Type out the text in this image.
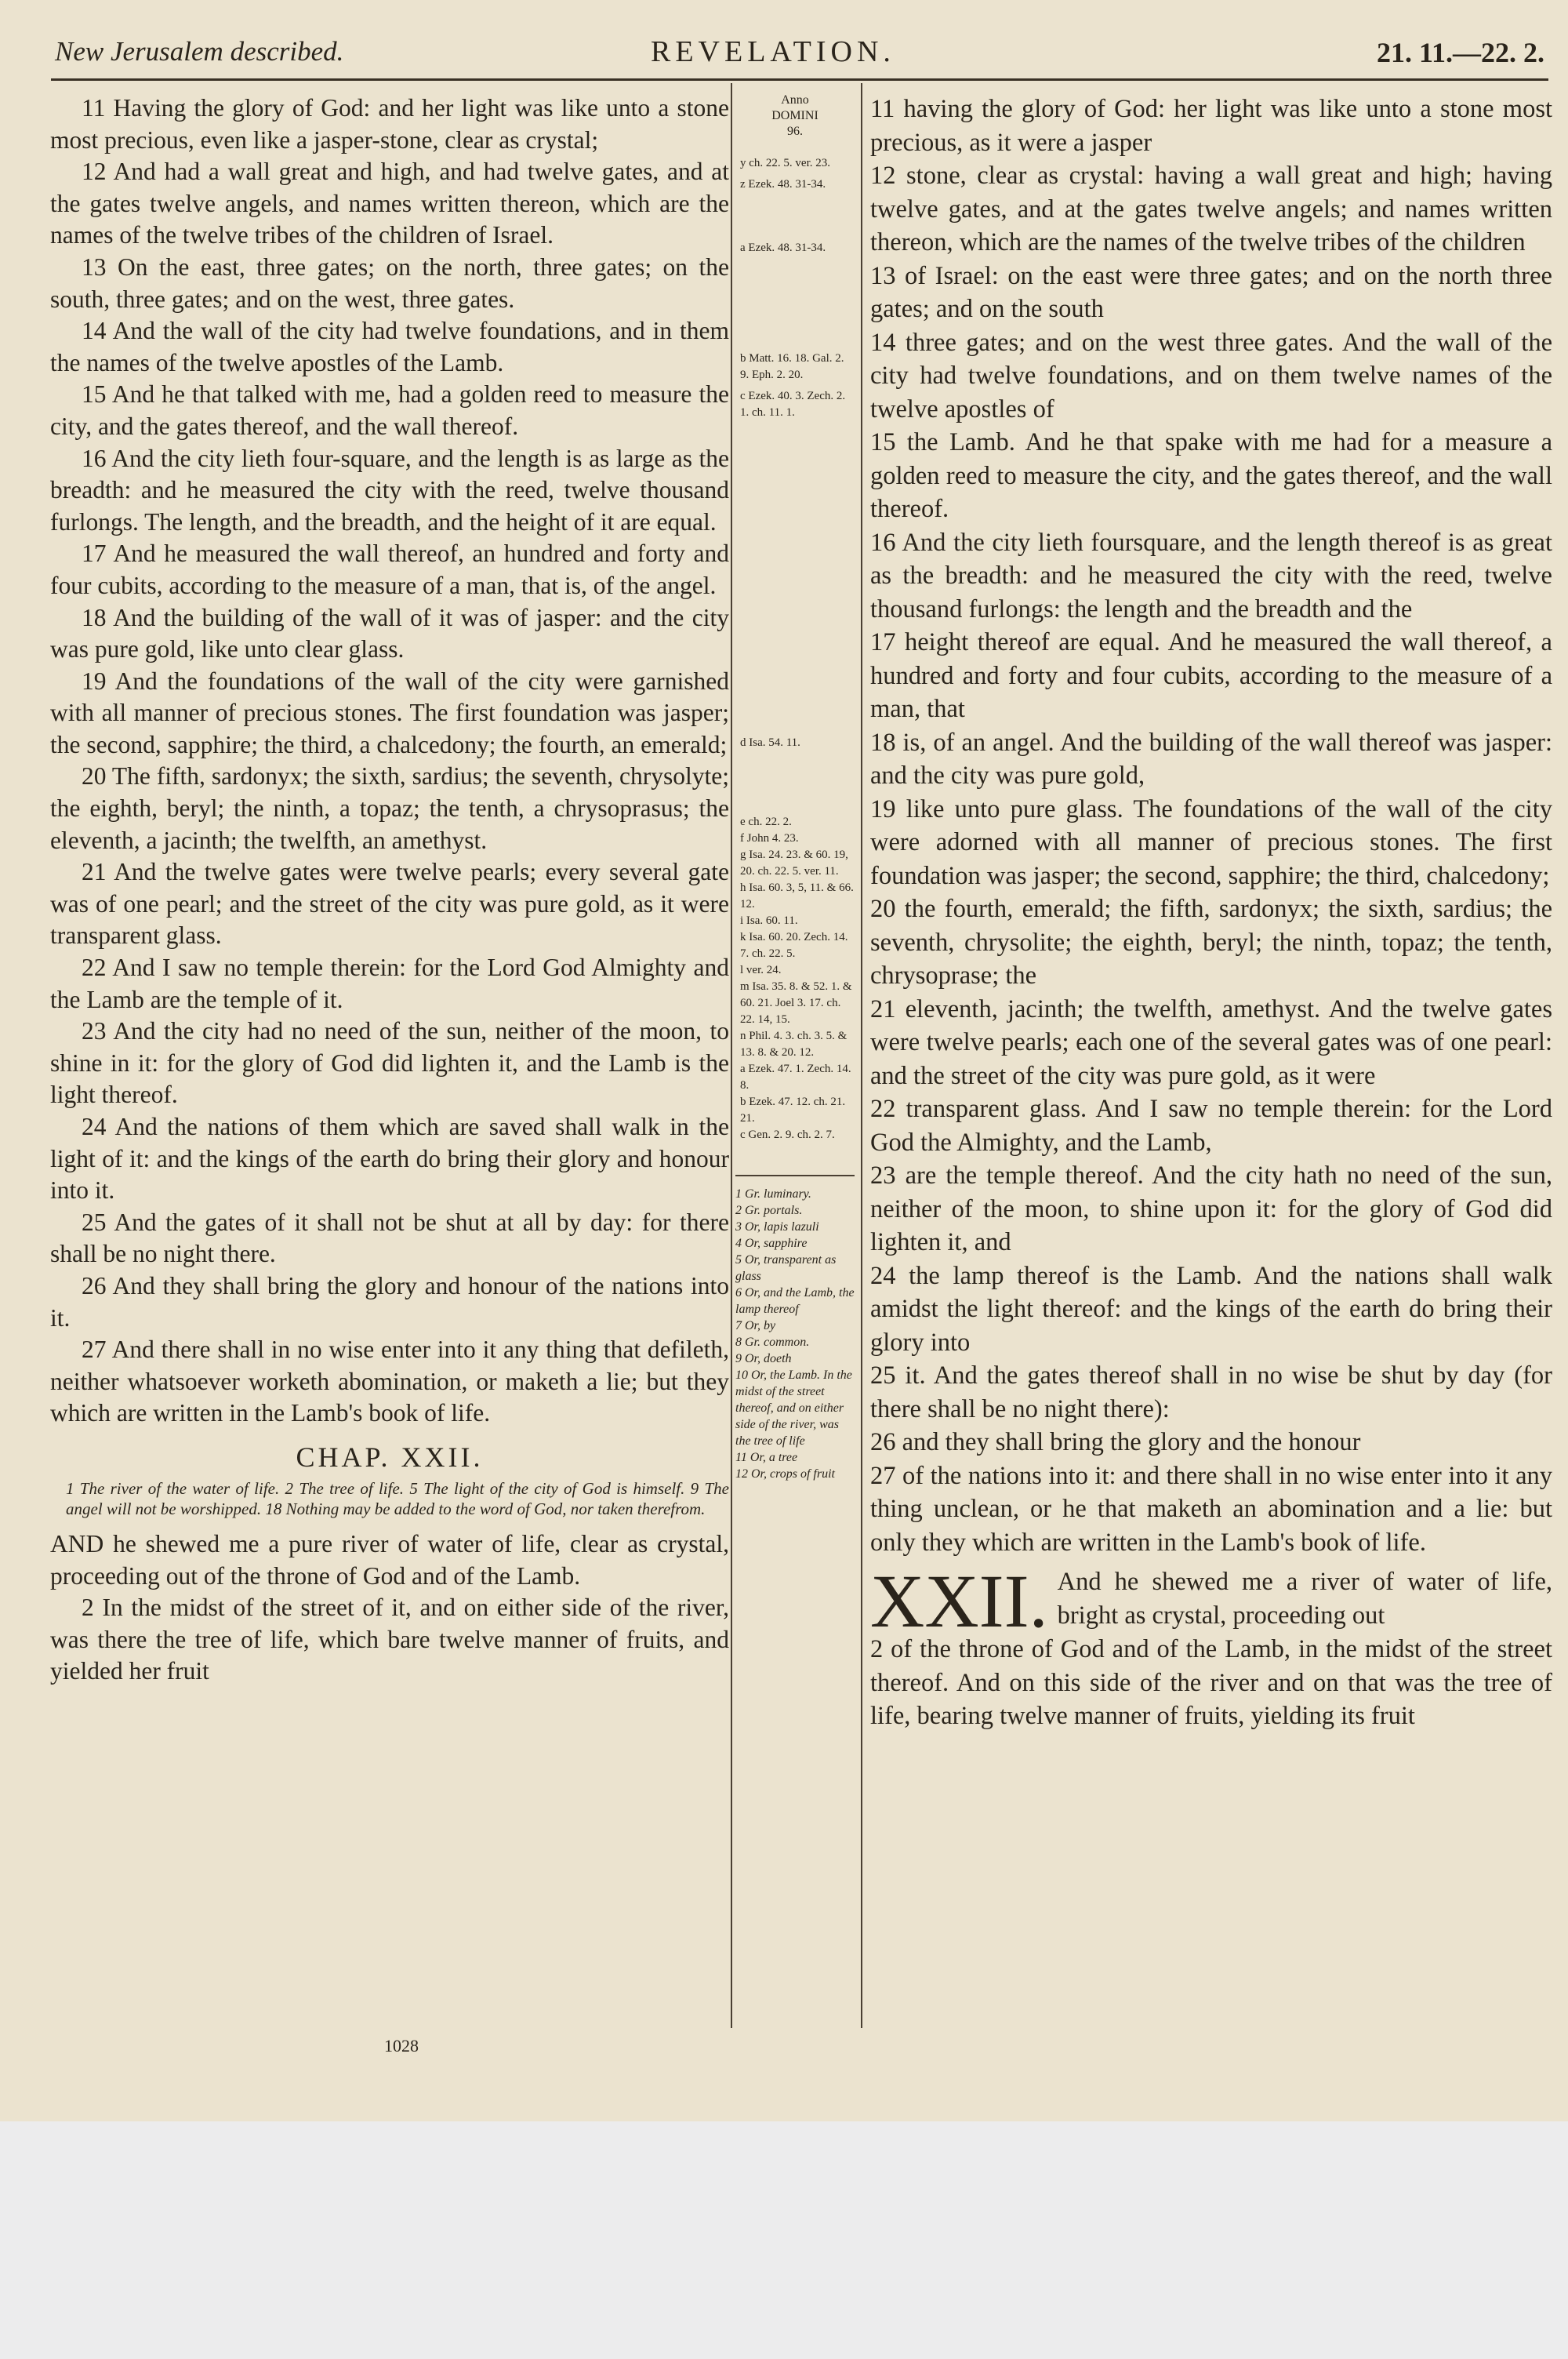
New Jerusalem described.	REVELATION.	21. 11.—22. 2.

11 Having the glory of God: and her light was like unto a stone most precious, even like a jasper-stone, clear as crystal;

12 And had a wall great and high, and had twelve gates, and at the gates twelve angels, and names written thereon, which are the names of the twelve tribes of the children of Israel.

13 On the east, three gates; on the north, three gates; on the south, three gates; and on the west, three gates.

14 And the wall of the city had twelve foundations, and in them the names of the twelve apostles of the Lamb.

15 And he that talked with me, had a golden reed to measure the city, and the gates thereof, and the wall thereof.

16 And the city lieth four-square, and the length is as large as the breadth: and he measured the city with the reed, twelve thousand furlongs. The length, and the breadth, and the height of it are equal.

17 And he measured the wall thereof, an hundred and forty and four cubits, according to the measure of a man, that is, of the angel.

18 And the building of the wall of it was of jasper: and the city was pure gold, like unto clear glass.

19 And the foundations of the wall of the city were garnished with all manner of precious stones. The first foundation was jasper; the second, sapphire; the third, a chalcedony; the fourth, an emerald;

20 The fifth, sardonyx; the sixth, sardius; the seventh, chrysolyte; the eighth, beryl; the ninth, a topaz; the tenth, a chrysoprasus; the eleventh, a jacinth; the twelfth, an amethyst.

21 And the twelve gates were twelve pearls; every several gate was of one pearl; and the street of the city was pure gold, as it were transparent glass.

22 And I saw no temple therein: for the Lord God Almighty and the Lamb are the temple of it.

23 And the city had no need of the sun, neither of the moon, to shine in it: for the glory of God did lighten it, and the Lamb is the light thereof.

24 And the nations of them which are saved shall walk in the light of it: and the kings of the earth do bring their glory and honour into it.

25 And the gates of it shall not be shut at all by day: for there shall be no night there.

26 And they shall bring the glory and honour of the nations into it.

27 And there shall in no wise enter into it any thing that defileth, neither whatsoever worketh abomination, or maketh a lie; but they which are written in the Lamb's book of life.

CHAP. XXII.

1 The river of the water of life. 2 The tree of life. 5 The light of the city of God is himself. 9 The angel will not be worshipped. 18 Nothing may be added to the word of God, nor taken therefrom.

AND he shewed me a pure river of water of life, clear as crystal, proceeding out of the throne of God and of the Lamb.

2 In the midst of the street of it, and on either side of the river, was there the tree of life, which bare twelve manner of fruits, and yielded her fruit

Anno
DOMINI
96.

y ch. 22. 5. ver. 23.

z Ezek. 48. 31-34.

a Ezek. 48. 31-34.

b Matt. 16. 18. Gal. 2. 9. Eph. 2. 20.

c Ezek. 40. 3. Zech. 2. 1. ch. 11. 1.

d Isa. 54. 11.

e ch. 22. 2.

f John 4. 23.

g Isa. 24. 23. & 60. 19, 20. ch. 22. 5. ver. 11.

h Isa. 60. 3, 5, 11. & 66. 12.

i Isa. 60. 11.

k Isa. 60. 20. Zech. 14. 7. ch. 22. 5.

l ver. 24.

m Isa. 35. 8. & 52. 1. & 60. 21. Joel 3. 17. ch. 22. 14, 15.

n Phil. 4. 3. ch. 3. 5. & 13. 8. & 20. 12.

a Ezek. 47. 1. Zech. 14. 8.

b Ezek. 47. 12. ch. 21. 21.

c Gen. 2. 9. ch. 2. 7.

1 Gr. luminary.
2 Gr. portals.
3 Or, lapis lazuli
4 Or, sapphire
5 Or, transparent as glass
6 Or, and the Lamb, the lamp thereof
7 Or, by
8 Gr. common.
9 Or, doeth
10 Or, the Lamb. In the midst of the street thereof, and on either side of the river, was the tree of life
11 Or, a tree
12 Or, crops of fruit

11 having the glory of God: her light was like unto a stone most precious, as it were a jasper

12 stone, clear as crystal: having a wall great and high; having twelve gates, and at the gates twelve angels; and names written thereon, which are the names of the twelve tribes of the children

13 of Israel: on the east were three gates; and on the north three gates; and on the south

14 three gates; and on the west three gates. And the wall of the city had twelve foundations, and on them twelve names of the twelve apostles of

15 the Lamb. And he that spake with me had for a measure a golden reed to measure the city, and the gates thereof, and the wall thereof.

16 And the city lieth foursquare, and the length thereof is as great as the breadth: and he measured the city with the reed, twelve thousand furlongs: the length and the breadth and the

17 height thereof are equal. And he measured the wall thereof, a hundred and forty and four cubits, according to the measure of a man, that

18 is, of an angel. And the building of the wall thereof was jasper: and the city was pure gold,

19 like unto pure glass. The foundations of the wall of the city were adorned with all manner of precious stones. The first foundation was jasper; the second, sapphire; the third, chalcedony;

20 the fourth, emerald; the fifth, sardonyx; the sixth, sardius; the seventh, chrysolite; the eighth, beryl; the ninth, topaz; the tenth, chrysoprase; the

21 eleventh, jacinth; the twelfth, amethyst. And the twelve gates were twelve pearls; each one of the several gates was of one pearl: and the street of the city was pure gold, as it were

22 transparent glass. And I saw no temple therein: for the Lord God the Almighty, and the Lamb,

23 are the temple thereof. And the city hath no need of the sun, neither of the moon, to shine upon it: for the glory of God did lighten it, and

24 the lamp thereof is the Lamb. And the nations shall walk amidst the light thereof: and the kings of the earth do bring their glory into

25 it. And the gates thereof shall in no wise be shut by day (for there shall be no night there):

26 and they shall bring the glory and the honour

27 of the nations into it: and there shall in no wise enter into it any thing unclean, or he that maketh an abomination and a lie: but only they which are written in the Lamb's book of life.

XXII. And he shewed me a river of water of life, bright as crystal, proceeding out

2 of the throne of God and of the Lamb, in the midst of the street thereof. And on this side of the river and on that was the tree of life, bearing twelve manner of fruits, yielding its fruit

1028
